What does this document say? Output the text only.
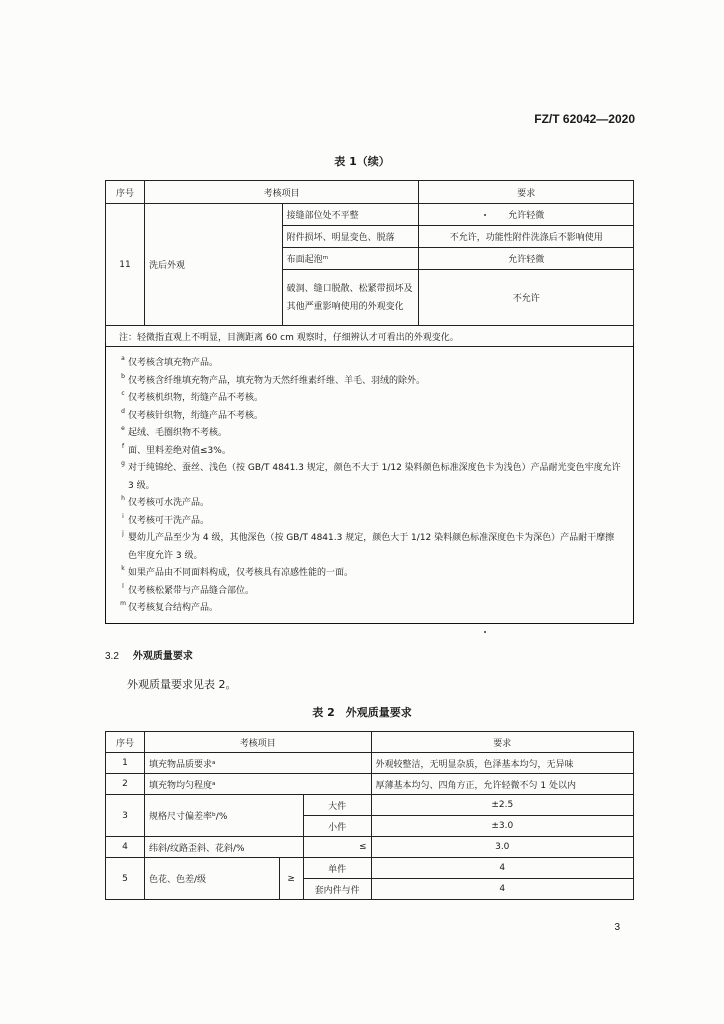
FZ/T 62042—2020
表 1（续）
序号	考核项目		要求
11	洗后外观	接缝部位处不平整	允许轻微
		附件损坏、明显变色、脱落	不允许，功能性附件洗涤后不影响使用
		布面起泡ᵐ	允许轻微
		破洞、缝口脱散、松紧带损坏及其他严重影响使用的外观变化	不允许
注：轻微指直观上不明显，目测距离 60 cm 观察时，仔细辨认才可看出的外观变化。			
a 仅考核含填充物产品。
b 仅考核含纤维填充物产品，填充物为天然纤维素纤维、羊毛、羽绒的除外。
c 仅考核机织物，绗缝产品不考核。
d 仅考核针织物，绗缝产品不考核。
e 起绒、毛圈织物不考核。
f 面、里料差绝对值≤3%。
g 对于纯锦纶、蚕丝、浅色（按 GB/T 4841.3 规定，颜色不大于 1/12 染料颜色标准深度色卡为浅色）产品耐光变色牢度允许 3 级。
h 仅考核可水洗产品。
i 仅考核可干洗产品。
j 婴幼儿产品至少为 4 级，其他深色（按 GB/T 4841.3 规定，颜色大于 1/12 染料颜色标准深度色卡为深色）产品耐干摩擦色牢度允许 3 级。
k 如果产品由不同面料构成，仅考核具有凉感性能的一面。
l 仅考核松紧带与产品缝合部位。
m 仅考核复合结构产品。
3.2 外观质量要求
外观质量要求见表 2。
表 2　外观质量要求
序号	考核项目			要求
1	填充物品质要求ᵃ			外观较整洁，无明显杂质，色泽基本均匀，无异味
2	填充物均匀程度ᵃ			厚薄基本均匀、四角方正，允许轻微不匀 1 处以内
3	规格尺寸偏差率ᵇ/%		大件	±2.5
			小件	±3.0
4	纬斜/纹路歪斜、花斜/%		≤	3.0
5	色花、色差/级	≥	单件	4
			套内件与件	4
3
